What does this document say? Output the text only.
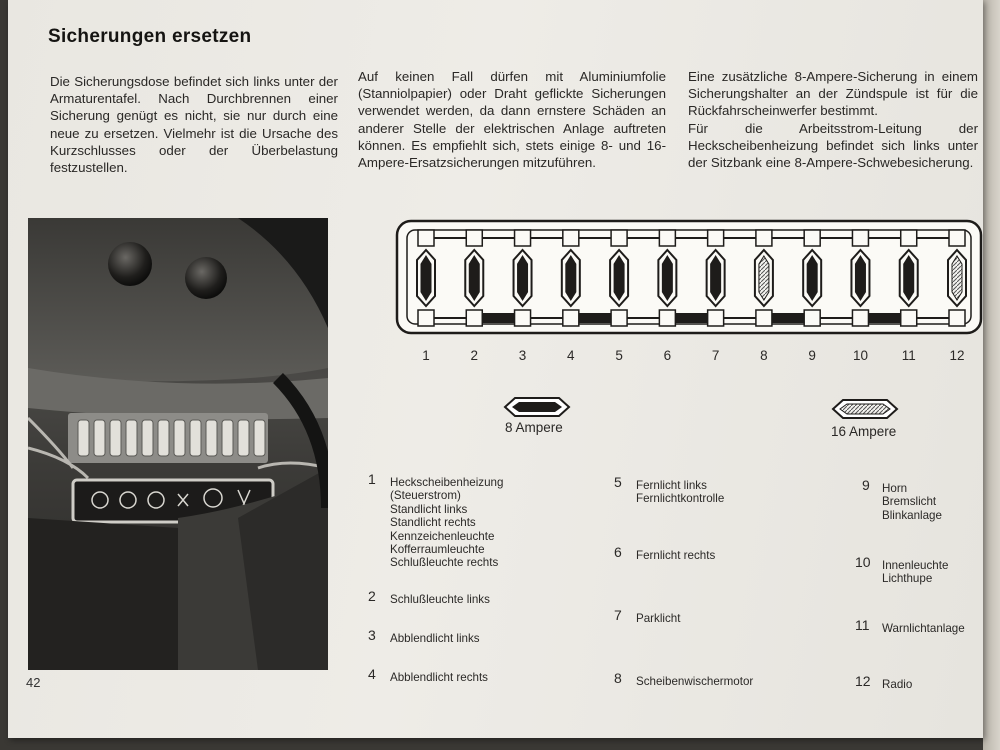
Sicherungen ersetzen

Die Sicherungsdose befindet sich links unter der Armaturentafel. Nach Durchbrennen einer Sicherung genügt es nicht, sie nur durch eine neue zu ersetzen. Vielmehr ist die Ursache des Kurzschlusses oder der Überbelastung festzustellen.

Auf keinen Fall dürfen mit Aluminiumfolie (Stanniolpapier) oder Draht geflickte Sicherungen verwendet werden, da dann ernstere Schäden an anderer Stelle der elektrischen Anlage auftreten können. Es empfiehlt sich, stets einige 8- und 16-Ampere-Ersatzsicherungen mitzuführen.

Eine zusätzliche 8-Ampere-Sicherung in einem Sicherungshalter an der Zündspule ist für die Rückfahrscheinwerfer bestimmt.

Für die Arbeitsstrom-Leitung der Heckscheibenheizung befindet sich links unter der Sitzbank eine 8-Ampere-Schwebesicherung.

42
1	2	3	4	5	6	7	8	9	10 11 12
8 Ampere	16 Ampere
1 Heckscheibenheizung
(Steuerstrom)
Standlicht links
Standlicht rechts
Kennzeichenleuchte
Kofferraumleuchte
Schlußleuchte rechts
2 Schlußleuchte links
3 Abblendlicht links
4 Abblendlicht rechts
5 Fernlicht links
Fernlichtkontrolle
6 Fernlicht rechts
7 Parklicht
8 Scheibenwischermotor
9 Horn
Bremslicht
Blinkanlage
10 Innenleuchte
Lichthupe
11 Warnlichtanlage
12 Radio
